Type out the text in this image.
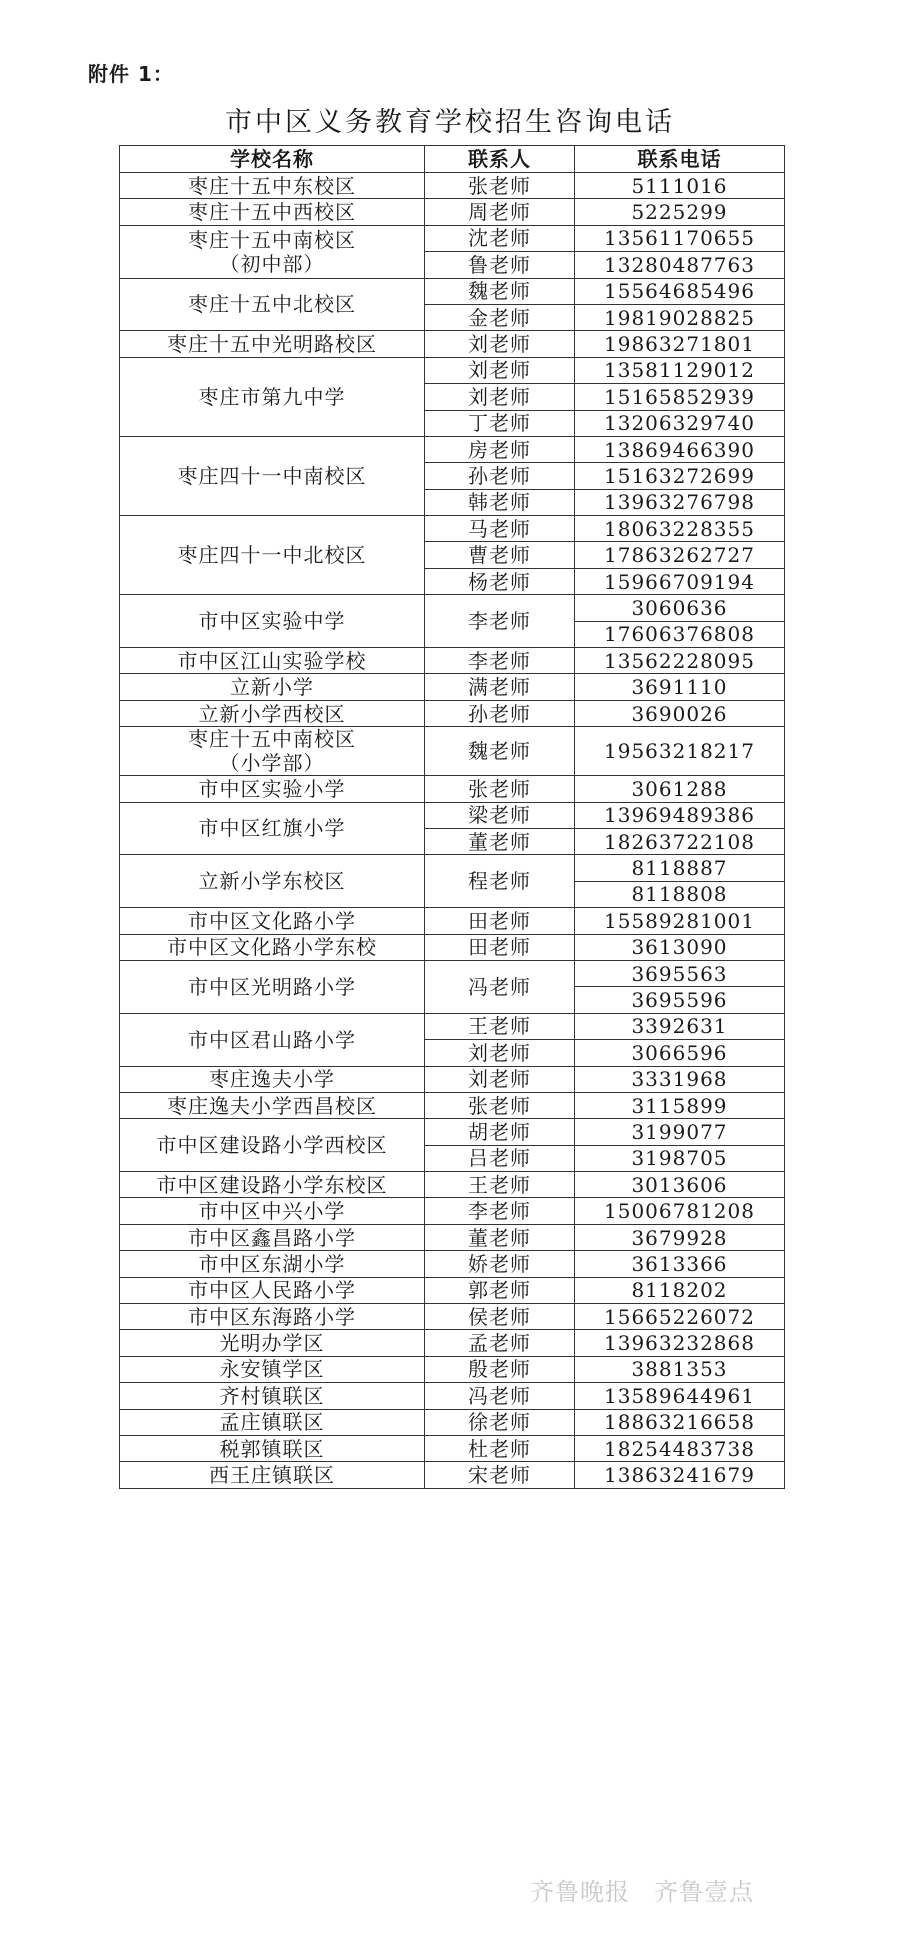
附件 1：
市中区义务教育学校招生咨询电话
学校名称	联系人	联系电话

枣庄十五中东校区	张老师	5111016

枣庄十五中西校区	周老师	5225299

枣庄十五中南校区
（初中部）	沈老师	13561170655
	鲁老师	13280487763

枣庄十五中北校区	魏老师	15564685496
	金老师	19819028825

枣庄十五中光明路校区	刘老师	19863271801

枣庄市第九中学	刘老师	13581129012
	刘老师	15165852939
	丁老师	13206329740

枣庄四十一中南校区	房老师	13869466390
	孙老师	15163272699
	韩老师	13963276798

枣庄四十一中北校区	马老师	18063228355
	曹老师	17863262727
	杨老师	15966709194

市中区实验中学	李老师	3060636
		17606376808

市中区江山实验学校	李老师	13562228095

立新小学	满老师	3691110

立新小学西校区	孙老师	3690026

枣庄十五中南校区
（小学部）	魏老师	19563218217

市中区实验小学	张老师	3061288

市中区红旗小学	梁老师	13969489386
	董老师	18263722108

立新小学东校区	程老师	8118887
		8118808

市中区文化路小学	田老师	15589281001

市中区文化路小学东校	田老师	3613090

市中区光明路小学	冯老师	3695563
		3695596

市中区君山路小学	王老师	3392631
	刘老师	3066596

枣庄逸夫小学	刘老师	3331968

枣庄逸夫小学西昌校区	张老师	3115899

市中区建设路小学西校区	胡老师	3199077
	吕老师	3198705

市中区建设路小学东校区	王老师	3013606

市中区中兴小学	李老师	15006781208

市中区鑫昌路小学	董老师	3679928

市中区东湖小学	娇老师	3613366

市中区人民路小学	郭老师	8118202

市中区东海路小学	侯老师	15665226072

光明办学区	孟老师	13963232868

永安镇学区	殷老师	3881353

齐村镇联区	冯老师	13589644961

孟庄镇联区	徐老师	18863216658

税郭镇联区	杜老师	18254483738

西王庄镇联区	宋老师	13863241679
齐鲁晚报 齐鲁壹点
